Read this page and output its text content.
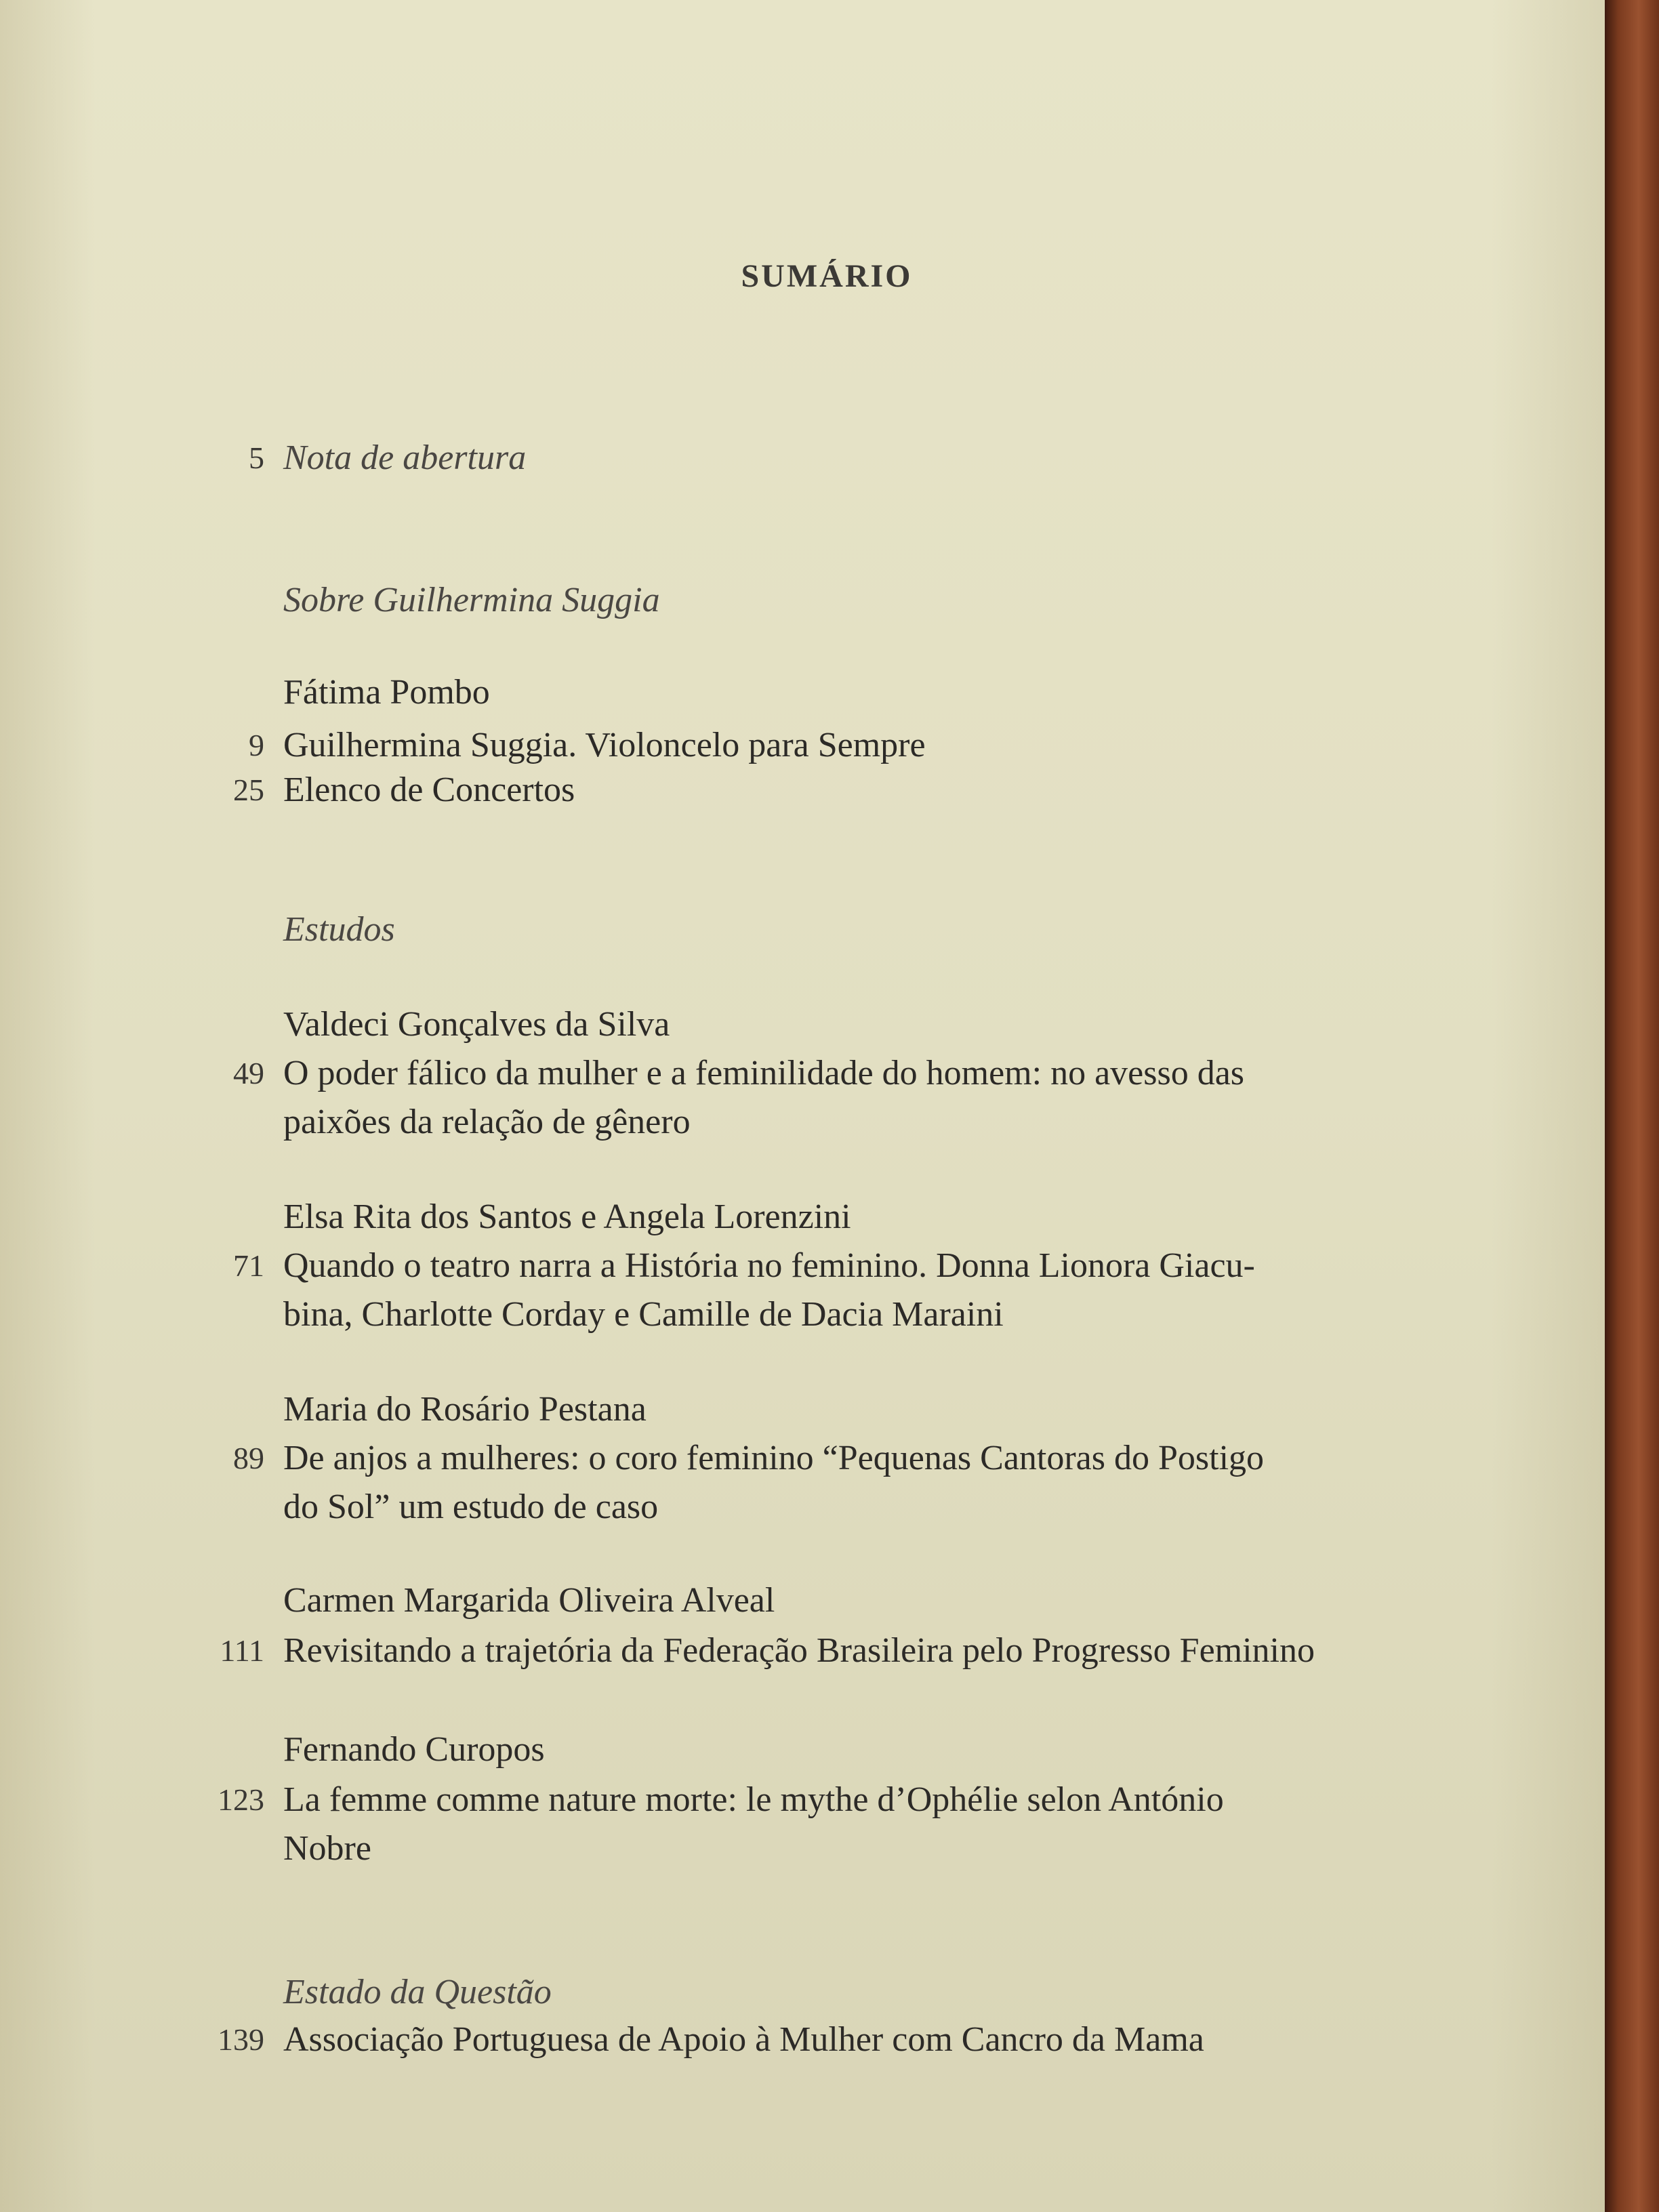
SUMÁRIO
5 Nota de abertura
Sobre Guilhermina Suggia
Fátima Pombo
9 Guilhermina Suggia. Violoncelo para Sempre
25 Elenco de Concertos
Estudos
Valdeci Gonçalves da Silva
49 O poder fálico da mulher e a feminilidade do homem: no avesso das
paixões da relação de gênero
Elsa Rita dos Santos e Angela Lorenzini
71 Quando o teatro narra a História no feminino. Donna Lionora Giacu-
bina, Charlotte Corday e Camille de Dacia Maraini
Maria do Rosário Pestana
89 De anjos a mulheres: o coro feminino “Pequenas Cantoras do Postigo
do Sol” um estudo de caso
Carmen Margarida Oliveira Alveal
111 Revisitando a trajetória da Federação Brasileira pelo Progresso Feminino
Fernando Curopos
123 La femme comme nature morte: le mythe d’Ophélie selon António
Nobre
Estado da Questão
139 Associação Portuguesa de Apoio à Mulher com Cancro da Mama
